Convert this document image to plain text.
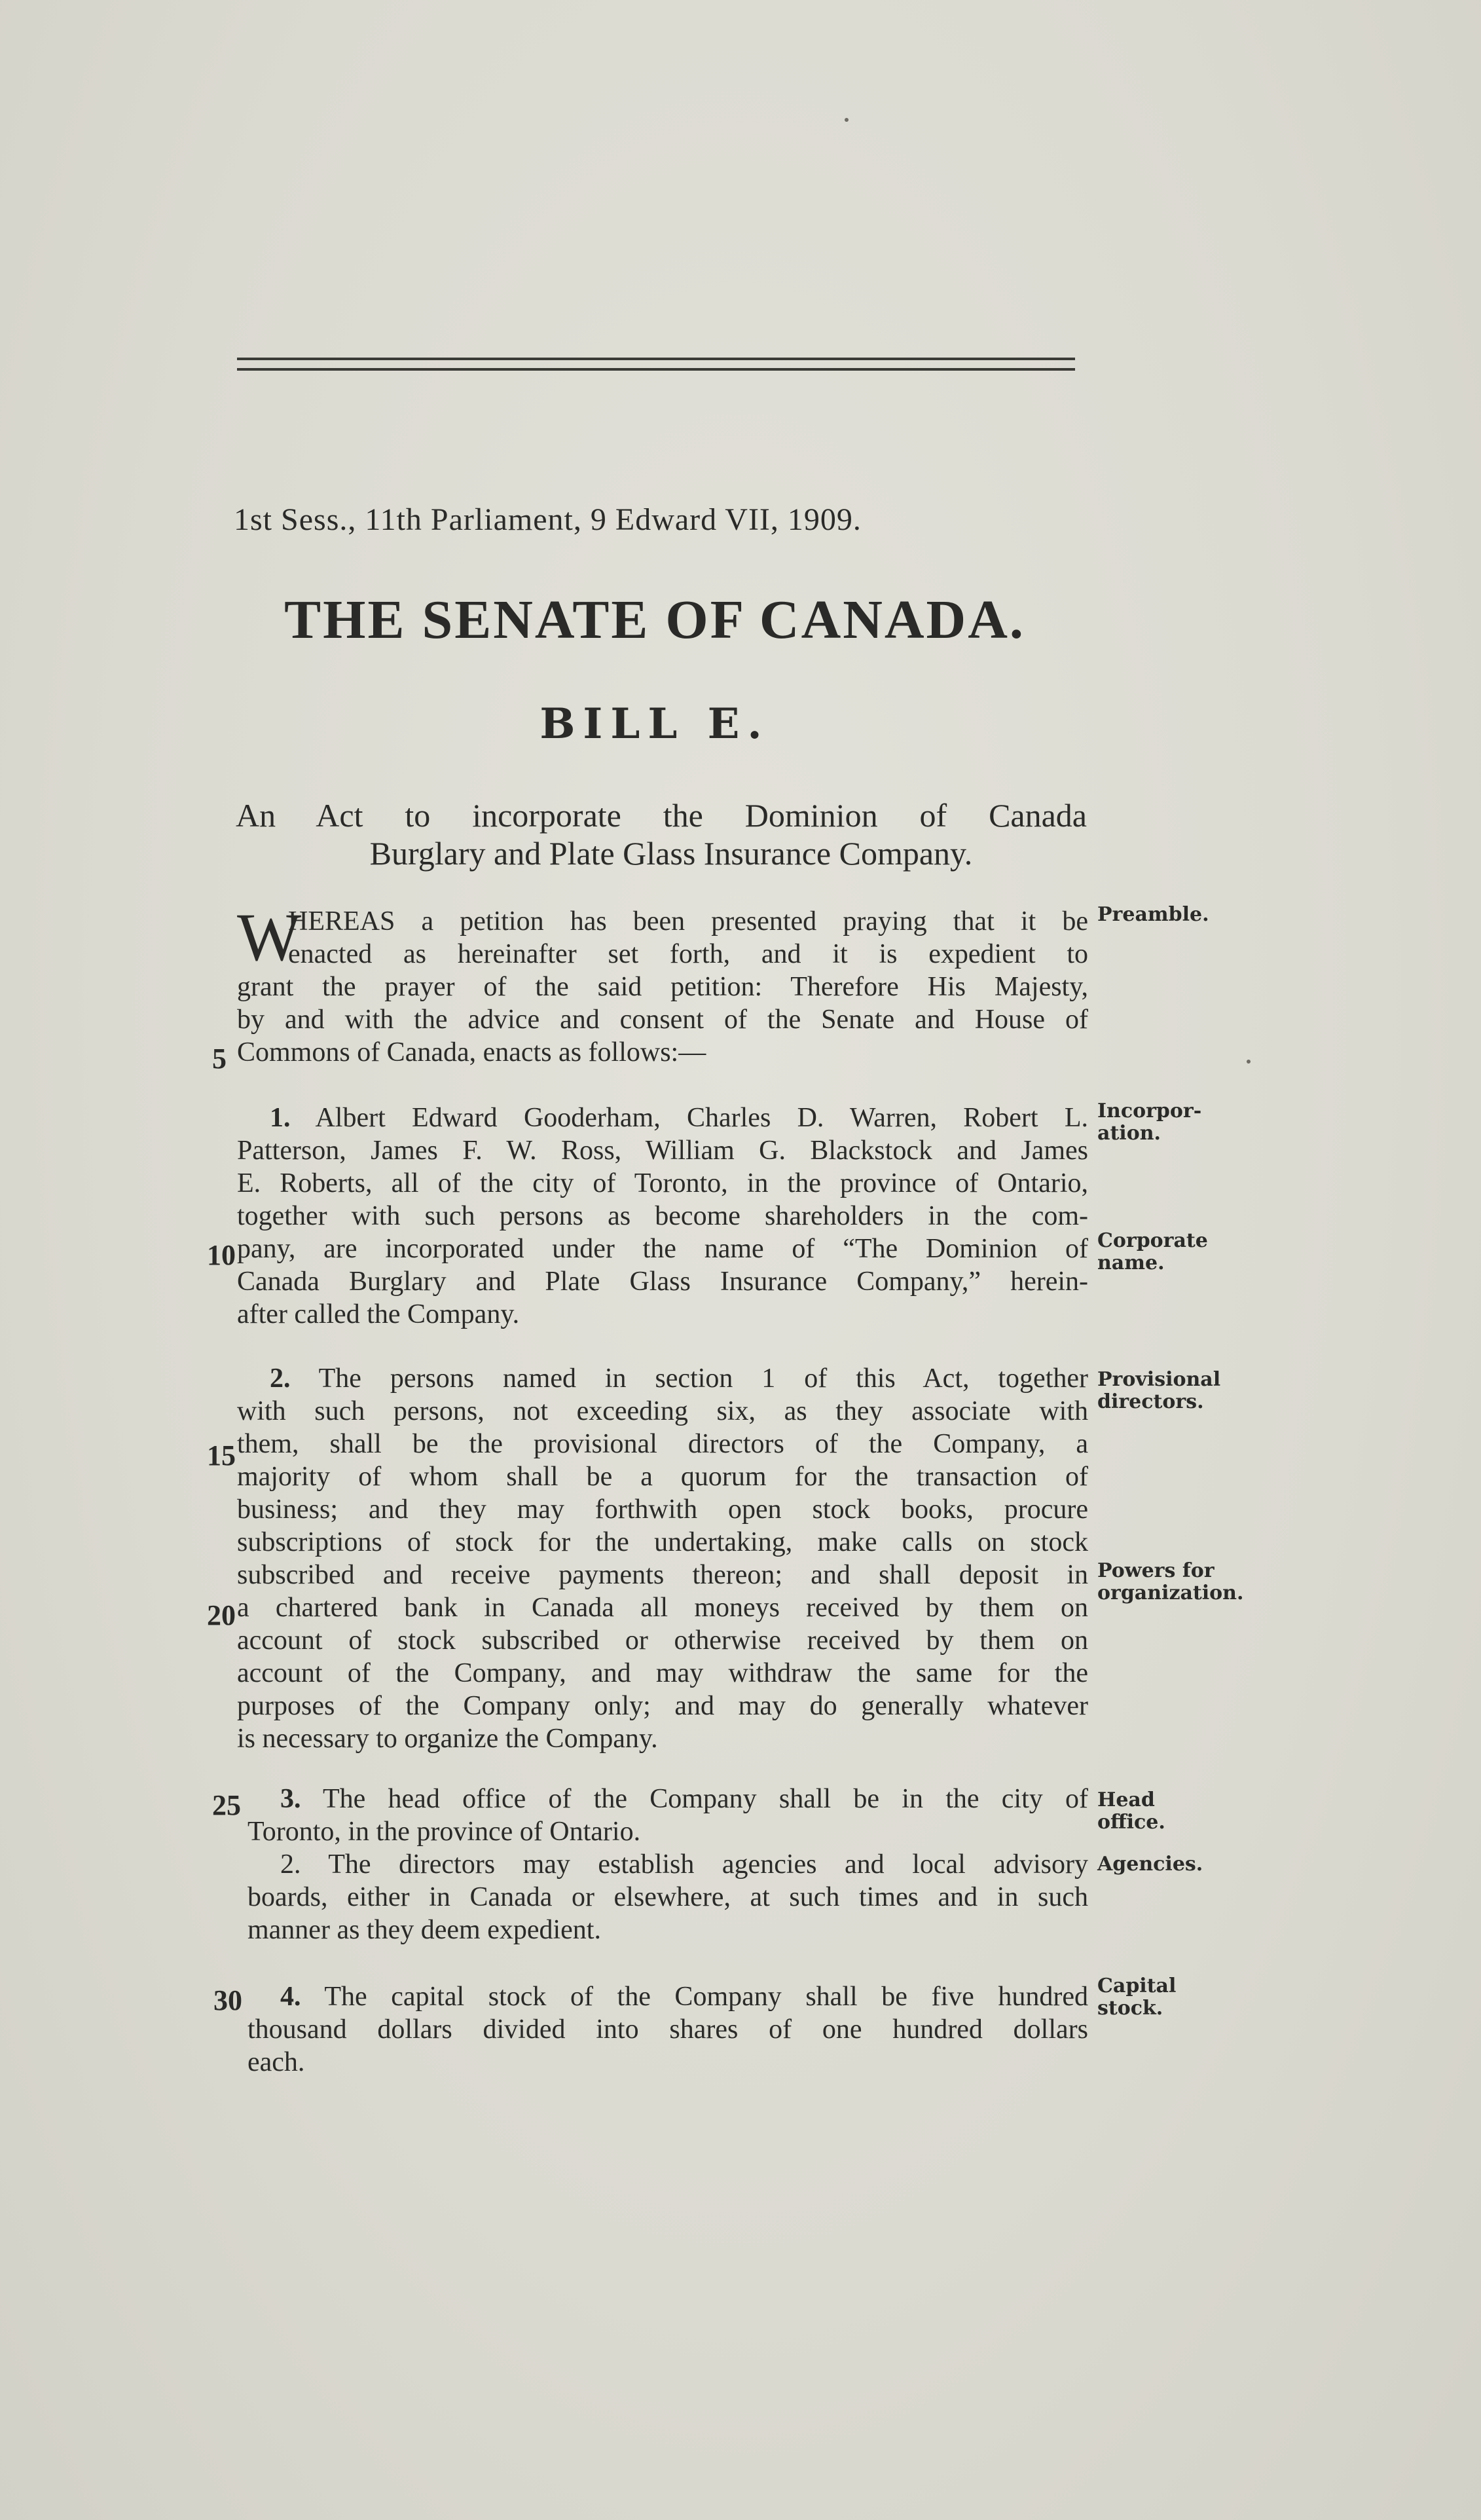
1st Sess., 11th Parliament, 9 Edward VII, 1909.
THE SENATE OF CANADA.
BILL E.
An Act to incorporate the Dominion of Canada
Burglary and Plate Glass Insurance Company.
W
HEREAS a petition has been presented praying that it be
enacted as hereinafter set forth, and it is expedient to
grant the prayer of the said petition: Therefore His Majesty,
by and with the advice and consent of the Senate and House of
Commons of Canada, enacts as follows:—
1. Albert Edward Gooderham, Charles D. Warren, Robert L.
Patterson, James F. W. Ross, William G. Blackstock and James
E. Roberts, all of the city of Toronto, in the province of Ontario,
together with such persons as become shareholders in the com-
pany, are incorporated under the name of “The Dominion of
Canada Burglary and Plate Glass Insurance Company,” herein-
after called the Company.
2. The persons named in section 1 of this Act, together
with such persons, not exceeding six, as they associate with
them, shall be the provisional directors of the Company, a
majority of whom shall be a quorum for the transaction of
business; and they may forthwith open stock books, procure
subscriptions of stock for the undertaking, make calls on stock
subscribed and receive payments thereon; and shall deposit in
a chartered bank in Canada all moneys received by them on
account of stock subscribed or otherwise received by them on
account of the Company, and may withdraw the same for the
purposes of the Company only; and may do generally whatever
is necessary to organize the Company.
3. The head office of the Company shall be in the city of
Toronto, in the province of Ontario.
2. The directors may establish agencies and local advisory
boards, either in Canada or elsewhere, at such times and in such
manner as they deem expedient.
4. The capital stock of the Company shall be five hundred
thousand dollars divided into shares of one hundred dollars
each.
5
10
15
20
25
30
Preamble.
Incorpor-
ation.
Corporate
name.
Provisional
directors.
Powers for
organization.
Head office.
Agencies.
Capital
stock.
